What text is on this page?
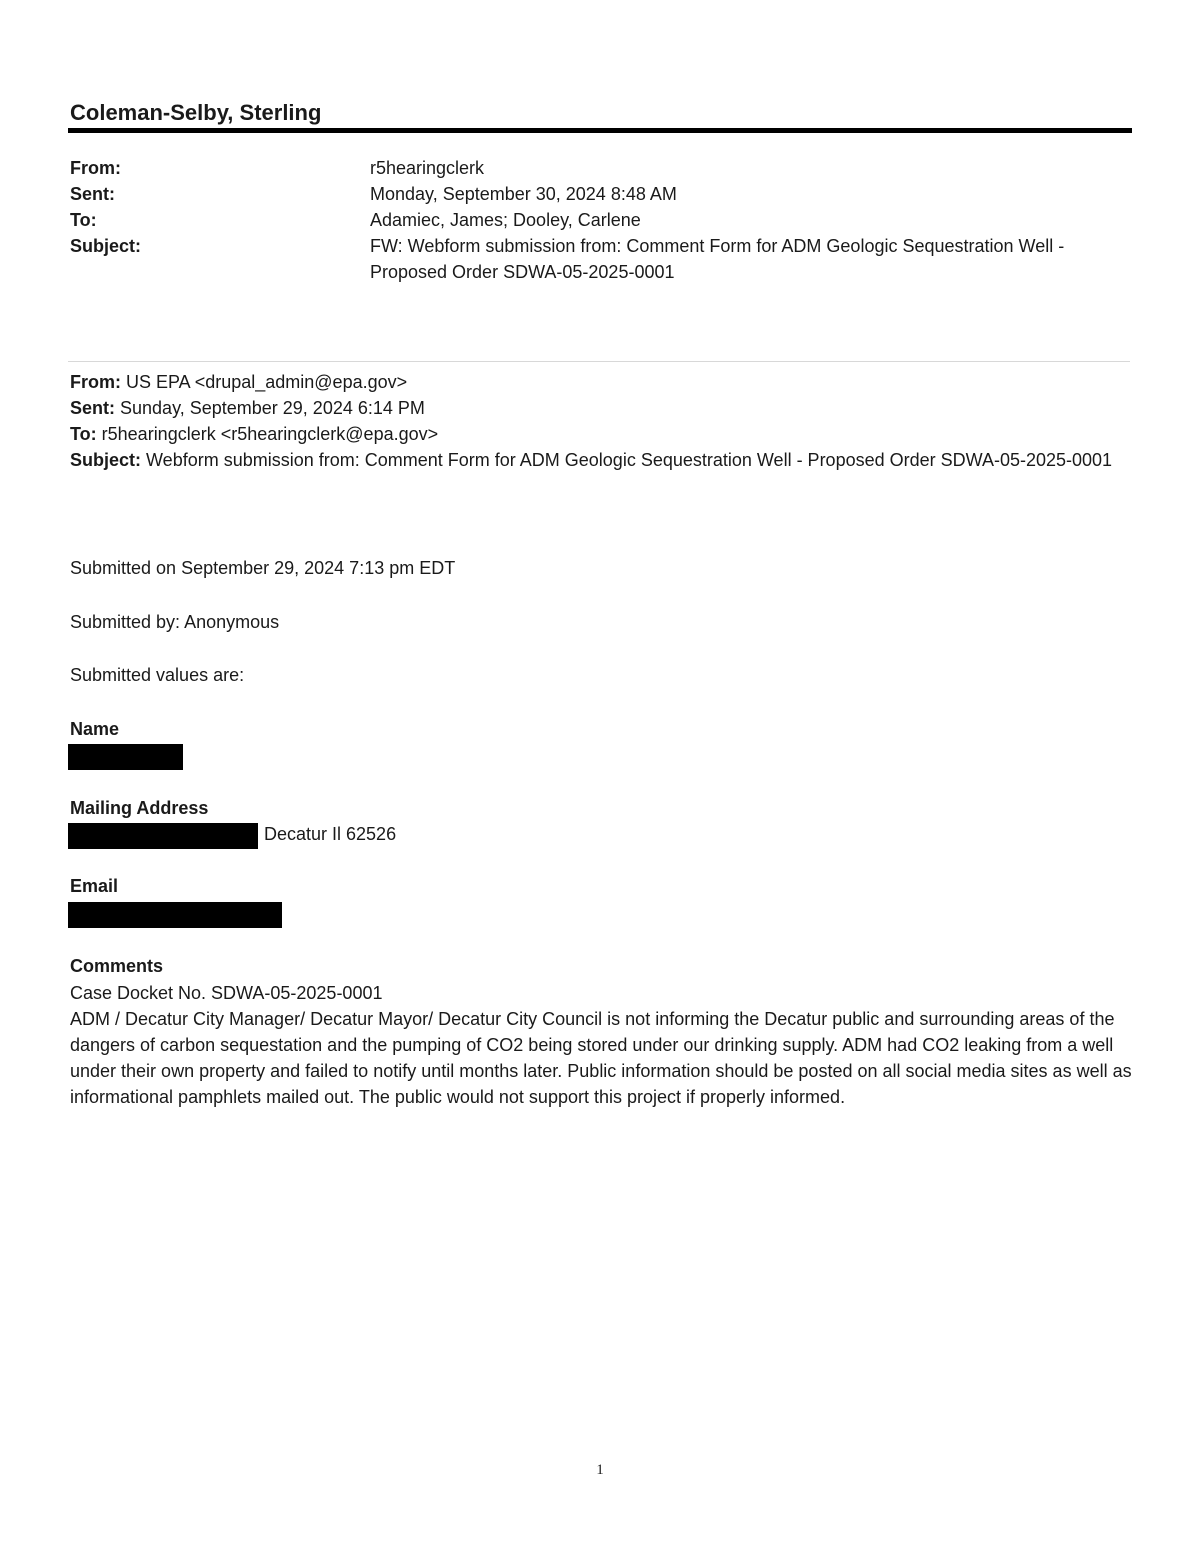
Coleman-Selby, Sterling
From:	r5hearingclerk
Sent:	Monday, September 30, 2024 8:48 AM
To:	Adamiec, James; Dooley, Carlene
Subject:	FW: Webform submission from: Comment Form for ADM Geologic Sequestration Well - Proposed Order SDWA-05-2025-0001
From: US EPA <drupal_admin@epa.gov>
Sent: Sunday, September 29, 2024 6:14 PM
To: r5hearingclerk <r5hearingclerk@epa.gov>
Subject: Webform submission from: Comment Form for ADM Geologic Sequestration Well - Proposed Order SDWA-05-2025-0001
Submitted on September 29, 2024 7:13 pm EDT
Submitted by: Anonymous
Submitted values are:
Name
Mailing Address
Decatur Il 62526
Email
Comments
Case Docket No. SDWA-05-2025-0001
ADM / Decatur City Manager/ Decatur Mayor/ Decatur City Council is not informing the Decatur public and surrounding areas of the dangers of carbon sequestation and the pumping of CO2 being stored under our drinking supply. ADM had CO2 leaking from a well under their own property and failed to notify until months later. Public information should be posted on all social media sites as well as informational pamphlets mailed out. The public would not support this project if properly informed.
1
